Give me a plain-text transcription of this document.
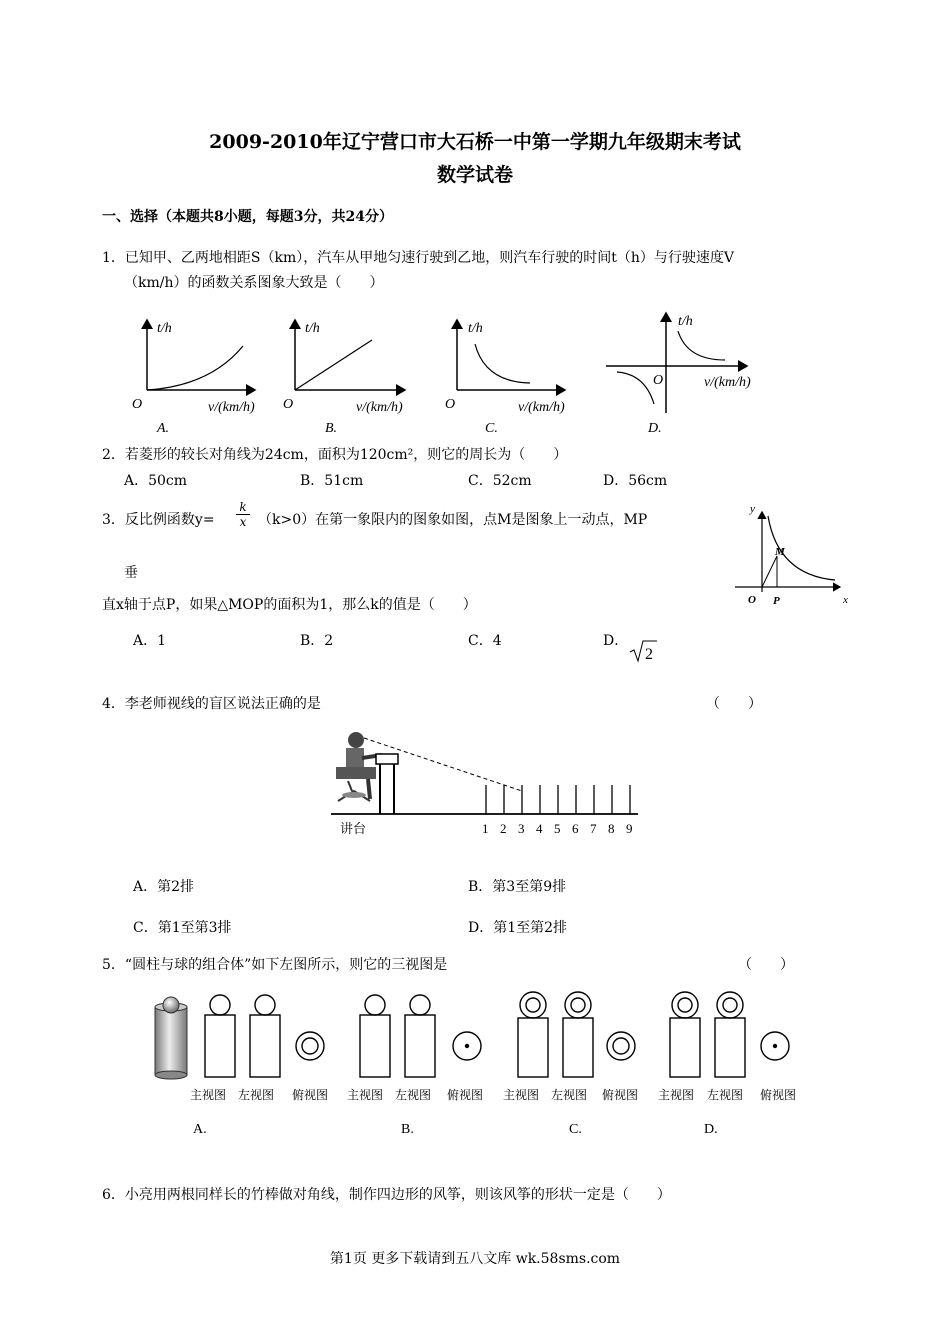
2009-2010年辽宁营口市大石桥一中第一学期九年级期末考试
数学试卷
一、选择（本题共8小题，每题3分，共24分）
1．已知甲、乙两地相距S（km），汽车从甲地匀速行驶到乙地，则汽车行驶的时间t（h）与行驶速度V
（km/h）的函数关系图象大致是（　　）
t/h
O	v/(km/h)
A.
t/h
O	v/(km/h)
B.
t/h
O	v/(km/h)
C.
t/h
O	v/(km/h)
D.
2．若菱形的较长对角线为24cm，面积为120cm²，则它的周长为（　　）
A．50cm	B．51cm	C．52cm	D．56cm
3．反比例函数$y= \frac{k}{x} (k>0)$在第一象限内的图象如图，点M是图象上一动点，MP
垂
直x轴于点P，如果△MOP的面积为1，那么k的值是（　　）
A．1	B．2	C．4	D．
2
y
x
O
M
P
4．李老师视线的盲区说法正确的是	（　　）
讲台	1 2 3 4 5 6 7 8 9
A．第2排	B．第3至第9排
C．第1至第3排	D．第1至第2排
5．“圆柱与球的组合体”如下左图所示，则它的三视图是	（　　）
主视图 左视图 俯视图 主视图 左视图 俯视图 主视图 左视图 俯视图 主视图 左视图 俯视图
A.	B.	C.	D.
6．小亮用两根同样长的竹棒做对角线，制作四边形的风筝，则该风筝的形状一定是（　　）
第1页 更多下载请到五八文库 wk.58sms.com
